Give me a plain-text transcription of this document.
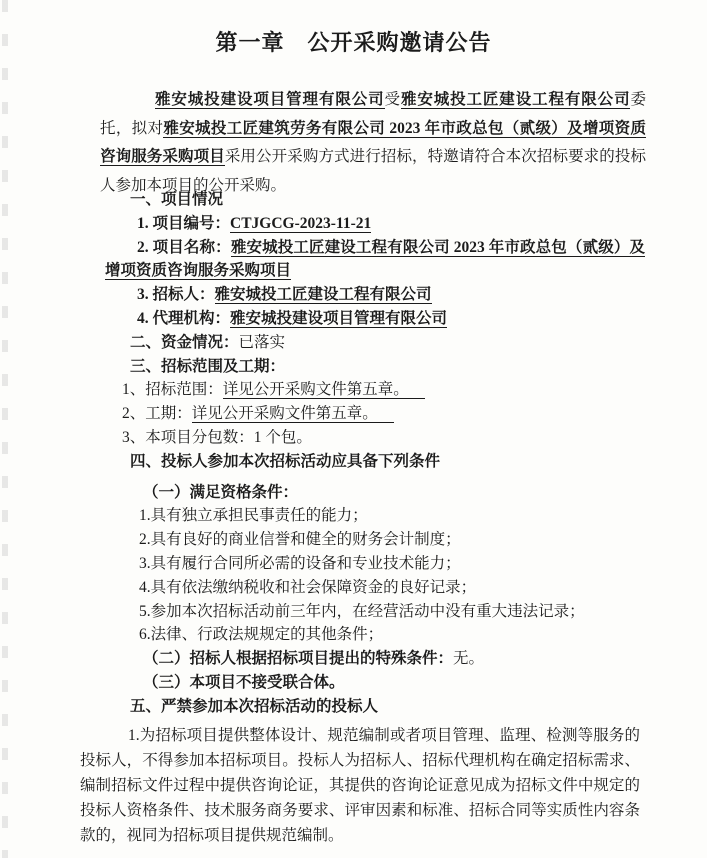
第一章　公开采购邀请公告

雅安城投建设项目管理有限公司受雅安城投工匠建设工程有限公司委托，拟对雅安城投工匠建筑劳务有限公司 2023 年市政总包（贰级）及增项资质咨询服务采购项目采用公开采购方式进行招标，特邀请符合本次招标要求的投标人参加本项目的公开采购。

一、项目情况

1. 项目编号：CTJGCG-2023-11-21

2. 项目名称：雅安城投工匠建设工程有限公司 2023 年市政总包（贰级）及增项资质咨询服务采购项目

3. 招标人：雅安城投工匠建设工程有限公司

4. 代理机构：雅安城投建设项目管理有限公司

二、资金情况：已落实

三、招标范围及工期：

1、招标范围：详见公开采购文件第五章。

2、工期：详见公开采购文件第五章。

3、本项目分包数：1 个包。

四、投标人参加本次招标活动应具备下列条件

（一）满足资格条件：

1.具有独立承担民事责任的能力；

2.具有良好的商业信誉和健全的财务会计制度；

3.具有履行合同所必需的设备和专业技术能力；

4.具有依法缴纳税收和社会保障资金的良好记录；

5.参加本次招标活动前三年内，在经营活动中没有重大违法记录；

6.法律、行政法规规定的其他条件；

（二）招标人根据招标项目提出的特殊条件：无。

（三）本项目不接受联合体。

五、严禁参加本次招标活动的投标人

1.为招标项目提供整体设计、规范编制或者项目管理、监理、检测等服务的投标人，不得参加本招标项目。投标人为招标人、招标代理机构在确定招标需求、编制招标文件过程中提供咨询论证，其提供的咨询论证意见成为招标文件中规定的投标人资格条件、技术服务商务要求、评审因素和标准、招标合同等实质性内容条款的，视同为招标项目提供规范编制。
